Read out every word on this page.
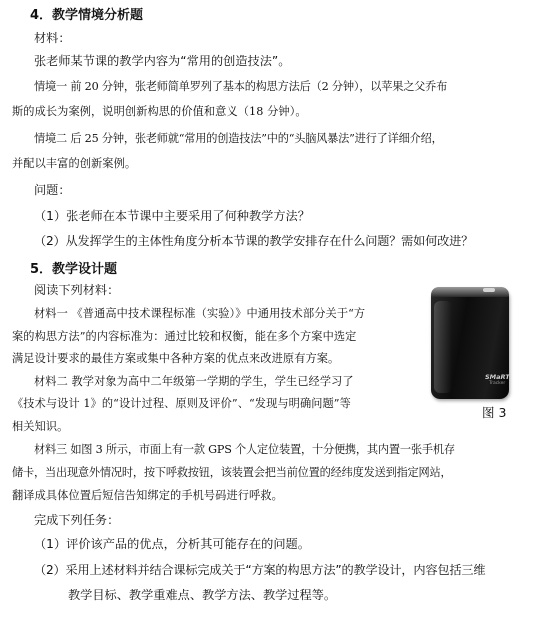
4．教学情境分析题
材料：
张老师某节课的教学内容为“常用的创造技法”。
情境一 前 20 分钟，张老师简单罗列了基本的构思方法后（2 分钟），以苹果之父乔布
斯的成长为案例，说明创新构思的价值和意义（18 分钟）。
情境二 后 25 分钟，张老师就“常用的创造技法”中的“头脑风暴法”进行了详细介绍，
并配以丰富的创新案例。
问题：
（1）张老师在本节课中主要采用了何种教学方法？
（2）从发挥学生的主体性角度分析本节课的教学安排存在什么问题？需如何改进？
5．教学设计题
阅读下列材料：
材料一 《普通高中技术课程标准（实验）》中通用技术部分关于“方
案的构思方法”的内容标准为：通过比较和权衡，能在多个方案中选定
满足设计要求的最佳方案或集中各种方案的优点来改进原有方案。
材料二 教学对象为高中二年级第一学期的学生，学生已经学习了
《技术与设计 1》的“设计过程、原则及评价”、“发现与明确问题”等
相关知识。
SMaRT
Tracker
图 3
材料三 如图 3 所示，市面上有一款 GPS 个人定位装置，十分便携，其内置一张手机存
储卡，当出现意外情况时，按下呼救按钮，该装置会把当前位置的经纬度发送到指定网站，
翻译成具体位置后短信告知绑定的手机号码进行呼救。
完成下列任务：
（1）评价该产品的优点，分析其可能存在的问题。
（2）采用上述材料并结合课标完成关于“方案的构思方法”的教学设计，内容包括三维
教学目标、教学重难点、教学方法、教学过程等。
